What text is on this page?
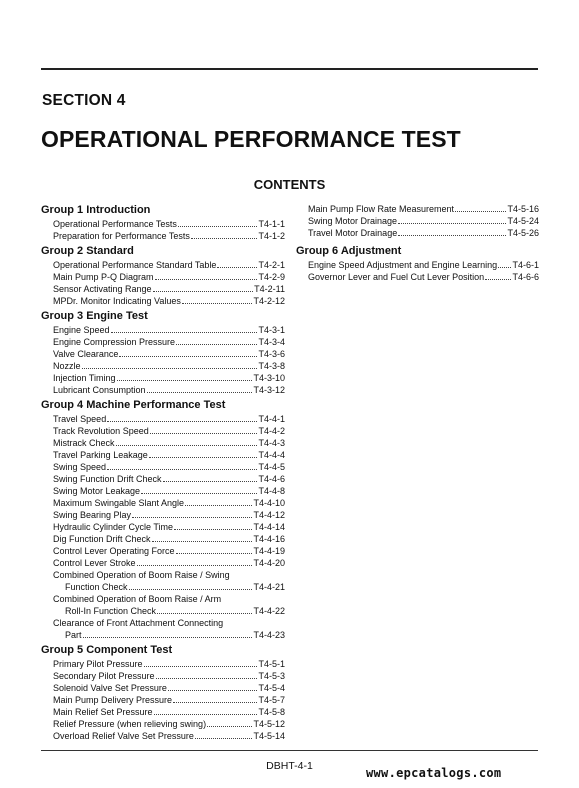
SECTION 4
OPERATIONAL PERFORMANCE TEST
CONTENTS
Group 1 Introduction
Operational Performance Tests	T4-1-1
Preparation for Performance Tests	T4-1-2
Group 2 Standard
Operational Performance Standard Table	T4-2-1
Main Pump P-Q Diagram	T4-2-9
Sensor Activating Range	T4-2-11
MPDr. Monitor Indicating Values	T4-2-12
Group 3 Engine Test
Engine Speed	T4-3-1
Engine Compression Pressure	T4-3-4
Valve Clearance	T4-3-6
Nozzle	T4-3-8
Injection Timing	T4-3-10
Lubricant Consumption	T4-3-12
Group 4 Machine Performance Test
Travel Speed	T4-4-1
Track Revolution Speed	T4-4-2
Mistrack Check	T4-4-3
Travel Parking Leakage	T4-4-4
Swing Speed	T4-4-5
Swing Function Drift Check	T4-4-6
Swing Motor Leakage	T4-4-8
Maximum Swingable Slant Angle	T4-4-10
Swing Bearing Play	T4-4-12
Hydraulic Cylinder Cycle Time	T4-4-14
Dig Function Drift Check	T4-4-16
Control Lever Operating Force	T4-4-19
Control Lever Stroke	T4-4-20
Combined Operation of Boom Raise / Swing
Function Check	T4-4-21
Combined Operation of Boom Raise / Arm
Roll-In Function Check	T4-4-22
Clearance of Front Attachment Connecting
Part	T4-4-23
Group 5 Component Test
Primary Pilot Pressure	T4-5-1
Secondary Pilot Pressure	T4-5-3
Solenoid Valve Set Pressure	T4-5-4
Main Pump Delivery Pressure	T4-5-7
Main Relief Set Pressure	T4-5-8
Relief Pressure (when relieving swing)	T4-5-12
Overload Relief Valve Set Pressure	T4-5-14
Main Pump Flow Rate Measurement	T4-5-16
Swing Motor Drainage	T4-5-24
Travel Motor Drainage	T4-5-26
Group 6 Adjustment
Engine Speed Adjustment and Engine Learning T4-6-1
Governor Lever and Fuel Cut Lever Position	T4-6-6
DBHT-4-1	www.epcatalogs.com
